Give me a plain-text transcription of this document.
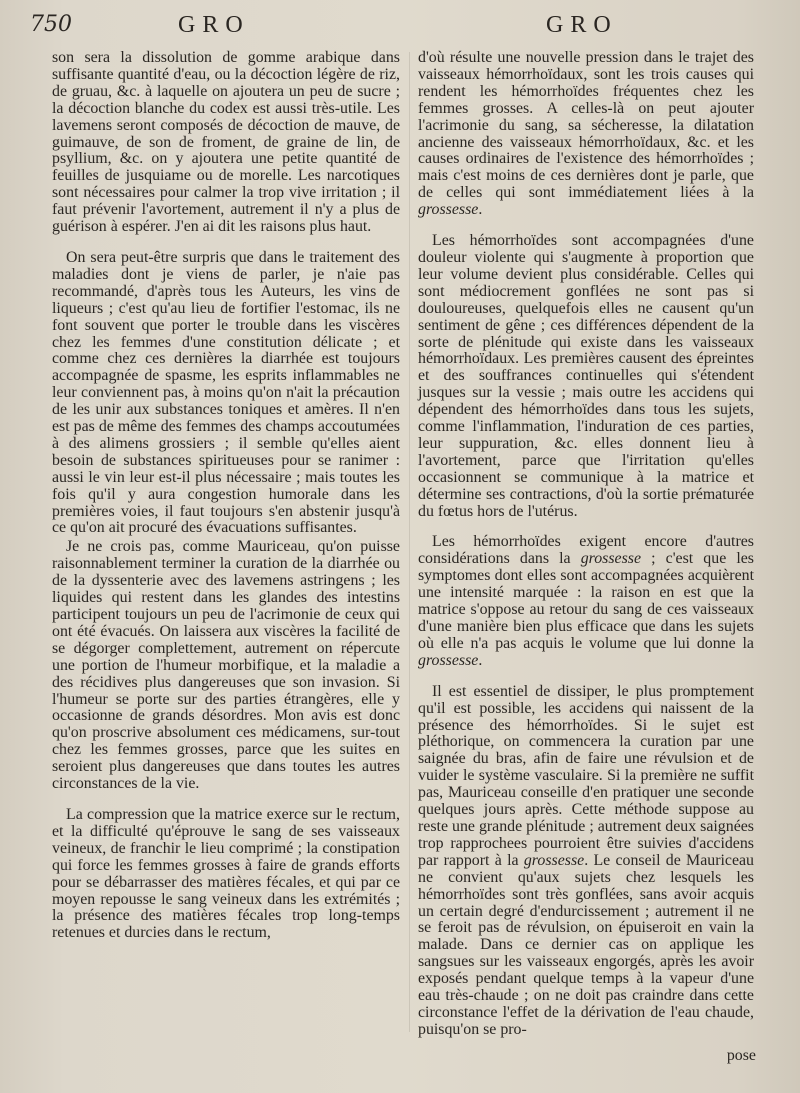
750	GRO	GRO

son sera la dissolution de gomme arabique dans suffisante quantité d'eau, ou la décoction légère de riz, de gruau, &c. à laquelle on ajoutera un peu de sucre ; la décoction blanche du codex est aussi très-utile. Les lavemens seront composés de décoction de mauve, de guimauve, de son de froment, de graine de lin, de psyllium, &c. on y ajoutera une petite quantité de feuilles de jusquiame ou de morelle. Les narcotiques sont nécessaires pour calmer la trop vive irritation ; il faut prévenir l'avortement, autrement il n'y a plus de guérison à espérer. J'en ai dit les raisons plus haut.

On sera peut-être surpris que dans le traitement des maladies dont je viens de parler, je n'aie pas recommandé, d'après tous les Auteurs, les vins de liqueurs ; c'est qu'au lieu de fortifier l'estomac, ils ne font souvent que porter le trouble dans les viscères chez les femmes d'une constitution délicate ; et comme chez ces dernières la diarrhée est toujours accompagnée de spasme, les esprits inflammables ne leur conviennent pas, à moins qu'on n'ait la précaution de les unir aux substances toniques et amères. Il n'en est pas de même des femmes des champs accoutumées à des alimens grossiers ; il semble qu'elles aient besoin de substances spiritueuses pour se ranimer : aussi le vin leur est-il plus nécessaire ; mais toutes les fois qu'il y aura congestion humorale dans les premières voies, il faut toujours s'en abstenir jusqu'à ce qu'on ait procuré des évacuations suffisantes.

Je ne crois pas, comme Mauriceau, qu'on puisse raisonnablement terminer la curation de la diarrhée ou de la dyssenterie avec des lavemens astringens ; les liquides qui restent dans les glandes des intestins participent toujours un peu de l'acrimonie de ceux qui ont été évacués. On laissera aux viscères la facilité de se dégorger complettement, autrement on répercute une portion de l'humeur morbifique, et la maladie a des récidives plus dangereuses que son invasion. Si l'humeur se porte sur des parties étrangères, elle y occasionne de grands désordres. Mon avis est donc qu'on proscrive absolument ces médicamens, sur-tout chez les femmes grosses, parce que les suites en seroient plus dangereuses que dans toutes les autres circonstances de la vie.

La compression que la matrice exerce sur le rectum, et la difficulté qu'éprouve le sang de ses vaisseaux veineux, de franchir le lieu comprimé ; la constipation qui force les femmes grosses à faire de grands efforts pour se débarrasser des matières fécales, et qui par ce moyen repousse le sang veineux dans les extrémités ; la présence des matières fécales trop long-temps retenues et durcies dans le rectum,

d'où résulte une nouvelle pression dans le trajet des vaisseaux hémorrhoïdaux, sont les trois causes qui rendent les hémorrhoïdes fréquentes chez les femmes grosses. A celles-là on peut ajouter l'acrimonie du sang, sa sécheresse, la dilatation ancienne des vaisseaux hémorrhoïdaux, &c. et les causes ordinaires de l'existence des hémorrhoïdes ; mais c'est moins de ces dernières dont je parle, que de celles qui sont immédiatement liées à la grossesse.

Les hémorrhoïdes sont accompagnées d'une douleur violente qui s'augmente à proportion que leur volume devient plus considérable. Celles qui sont médiocrement gonflées ne sont pas si douloureuses, quelquefois elles ne causent qu'un sentiment de gêne ; ces différences dépendent de la sorte de plénitude qui existe dans les vaisseaux hémorrhoïdaux. Les premières causent des épreintes et des souffrances continuelles qui s'étendent jusques sur la vessie ; mais outre les accidens qui dépendent des hémorrhoïdes dans tous les sujets, comme l'inflammation, l'induration de ces parties, leur suppuration, &c. elles donnent lieu à l'avortement, parce que l'irritation qu'elles occasionnent se communique à la matrice et détermine ses contractions, d'où la sortie prématurée du fœtus hors de l'utérus.

Les hémorrhoïdes exigent encore d'autres considérations dans la grossesse ; c'est que les symptomes dont elles sont accompagnées acquièrent une intensité marquée : la raison en est que la matrice s'oppose au retour du sang de ces vaisseaux d'une manière bien plus efficace que dans les sujets où elle n'a pas acquis le volume que lui donne la grossesse.

Il est essentiel de dissiper, le plus promptement qu'il est possible, les accidens qui naissent de la présence des hémorrhoïdes. Si le sujet est pléthorique, on commencera la curation par une saignée du bras, afin de faire une révulsion et de vuider le système vasculaire. Si la première ne suffit pas, Mauriceau conseille d'en pratiquer une seconde quelques jours après. Cette méthode suppose au reste une grande plénitude ; autrement deux saignées trop rapprochees pourroient être suivies d'accidens par rapport à la grossesse. Le conseil de Mauriceau ne convient qu'aux sujets chez lesquels les hémorrhoïdes sont très gonflées, sans avoir acquis un certain degré d'endurcissement ; autrement il ne se feroit pas de révulsion, on épuiseroit en vain la malade. Dans ce dernier cas on applique les sangsues sur les vaisseaux engorgés, après les avoir exposés pendant quelque temps à la vapeur d'une eau très-chaude ; on ne doit pas craindre dans cette circonstance l'effet de la dérivation de l'eau chaude, puisqu'on se pro-

pose
